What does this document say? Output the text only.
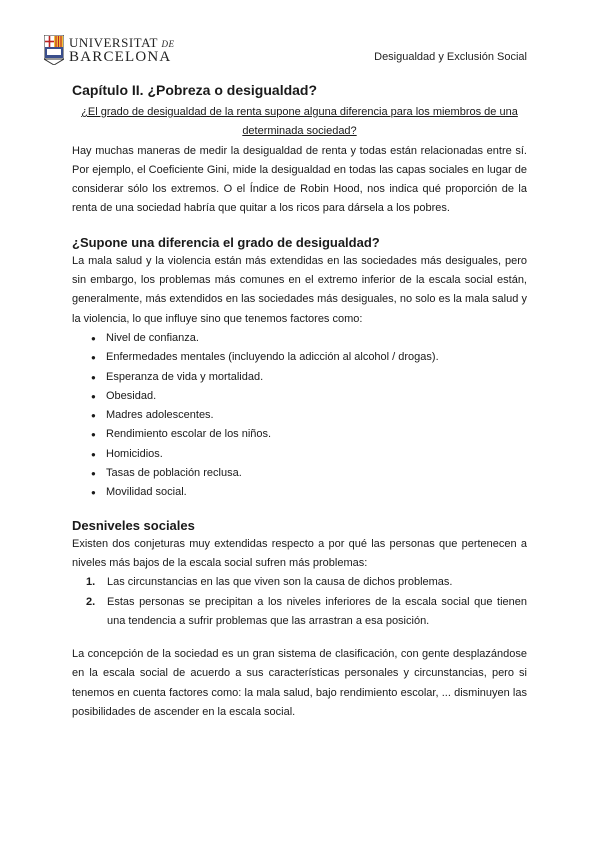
UNIVERSITAT DE
BARCELONA	Desigualdad y Exclusión Social
Capítulo II. ¿Pobreza o desigualdad?

¿El grado de desigualdad de la renta supone alguna diferencia para los miembros de una determinada sociedad?

Hay muchas maneras de medir la desigualdad de renta y todas están relacionadas entre sí. Por ejemplo, el Coeficiente Gini, mide la desigualdad en todas las capas sociales en lugar de considerar sólo los extremos. O el Índice de Robin Hood, nos indica qué proporción de la renta de una sociedad habría que quitar a los ricos para dársela a los pobres.

¿Supone una diferencia el grado de desigualdad?

La mala salud y la violencia están más extendidas en las sociedades más desiguales, pero sin embargo, los problemas más comunes en el extremo inferior de la escala social están, generalmente, más extendidos en las sociedades más desiguales, no solo es la mala salud y la violencia, lo que influye sino que tenemos factores como:

● Nivel de confianza.
● Enfermedades mentales (incluyendo la adicción al alcohol / drogas).
● Esperanza de vida y mortalidad.
● Obesidad.
● Madres adolescentes.
● Rendimiento escolar de los niños.
● Homicidios.
● Tasas de población reclusa.
● Movilidad social.
Desniveles sociales

Existen dos conjeturas muy extendidas respecto a por qué las personas que pertenecen a niveles más bajos de la escala social sufren más problemas:

1. Las circunstancias en las que viven son la causa de dichos problemas.
2. Estas personas se precipitan a los niveles inferiores de la escala social que tienen una tendencia a sufrir problemas que las arrastran a esa posición.

La concepción de la sociedad es un gran sistema de clasificación, con gente desplazándose en la escala social de acuerdo a sus características personales y circunstancias, pero si tenemos en cuenta factores como: la mala salud, bajo rendimiento escolar, ... disminuyen las posibilidades de ascender en la escala social.
